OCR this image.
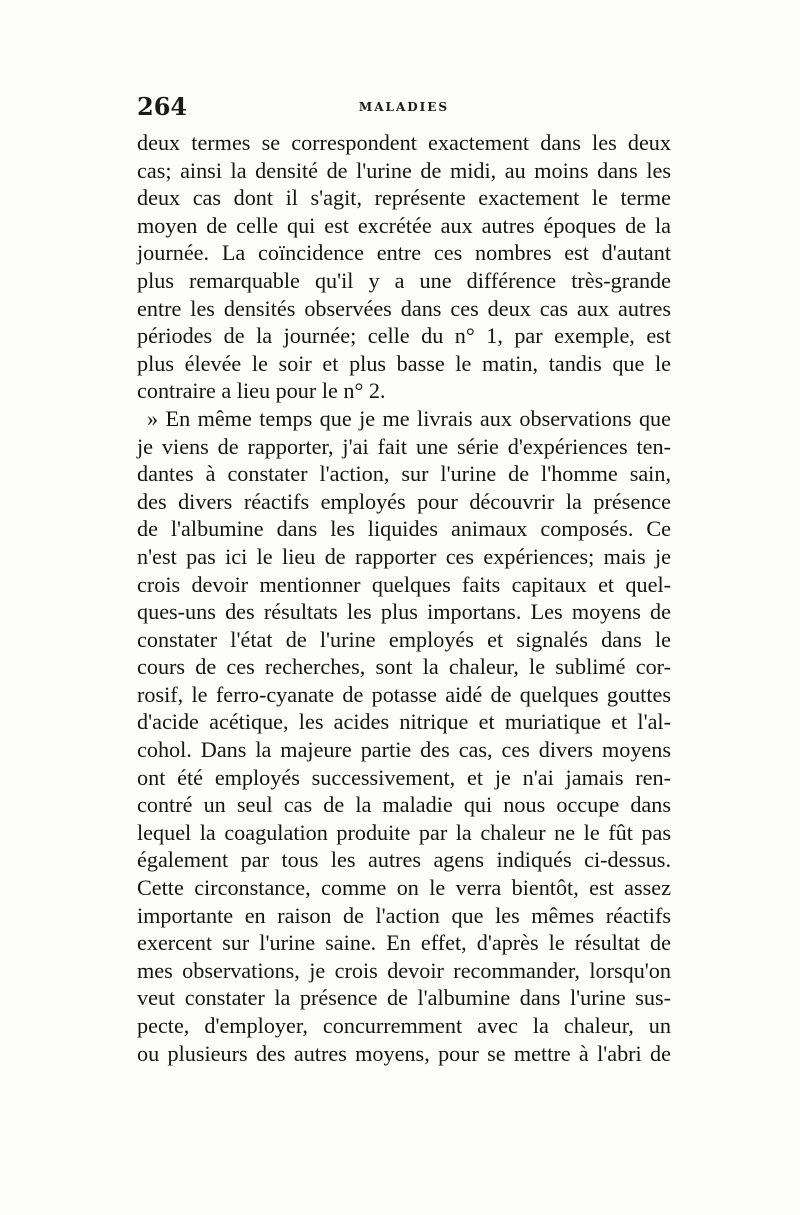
264	MALADIES
deux termes se correspondent exactement dans les deux
cas; ainsi la densité de l'urine de midi, au moins dans les
deux cas dont il s'agit, représente exactement le terme
moyen de celle qui est excrétée aux autres époques de la
journée. La coïncidence entre ces nombres est d'autant
plus remarquable qu'il y a une différence très-grande
entre les densités observées dans ces deux cas aux autres
périodes de la journée; celle du n° 1, par exemple, est
plus élevée le soir et plus basse le matin, tandis que le
contraire a lieu pour le n° 2.
» En même temps que je me livrais aux observations que
je viens de rapporter, j'ai fait une série d'expériences ten-
dantes à constater l'action, sur l'urine de l'homme sain,
des divers réactifs employés pour découvrir la présence
de l'albumine dans les liquides animaux composés. Ce
n'est pas ici le lieu de rapporter ces expériences; mais je
crois devoir mentionner quelques faits capitaux et quel-
ques-uns des résultats les plus importans. Les moyens de
constater l'état de l'urine employés et signalés dans le
cours de ces recherches, sont la chaleur, le sublimé cor-
rosif, le ferro-cyanate de potasse aidé de quelques gouttes
d'acide acétique, les acides nitrique et muriatique et l'al-
cohol. Dans la majeure partie des cas, ces divers moyens
ont été employés successivement, et je n'ai jamais ren-
contré un seul cas de la maladie qui nous occupe dans
lequel la coagulation produite par la chaleur ne le fût pas
également par tous les autres agens indiqués ci-dessus.
Cette circonstance, comme on le verra bientôt, est assez
importante en raison de l'action que les mêmes réactifs
exercent sur l'urine saine. En effet, d'après le résultat de
mes observations, je crois devoir recommander, lorsqu'on
veut constater la présence de l'albumine dans l'urine sus-
pecte, d'employer, concurremment avec la chaleur, un
ou plusieurs des autres moyens, pour se mettre à l'abri de
